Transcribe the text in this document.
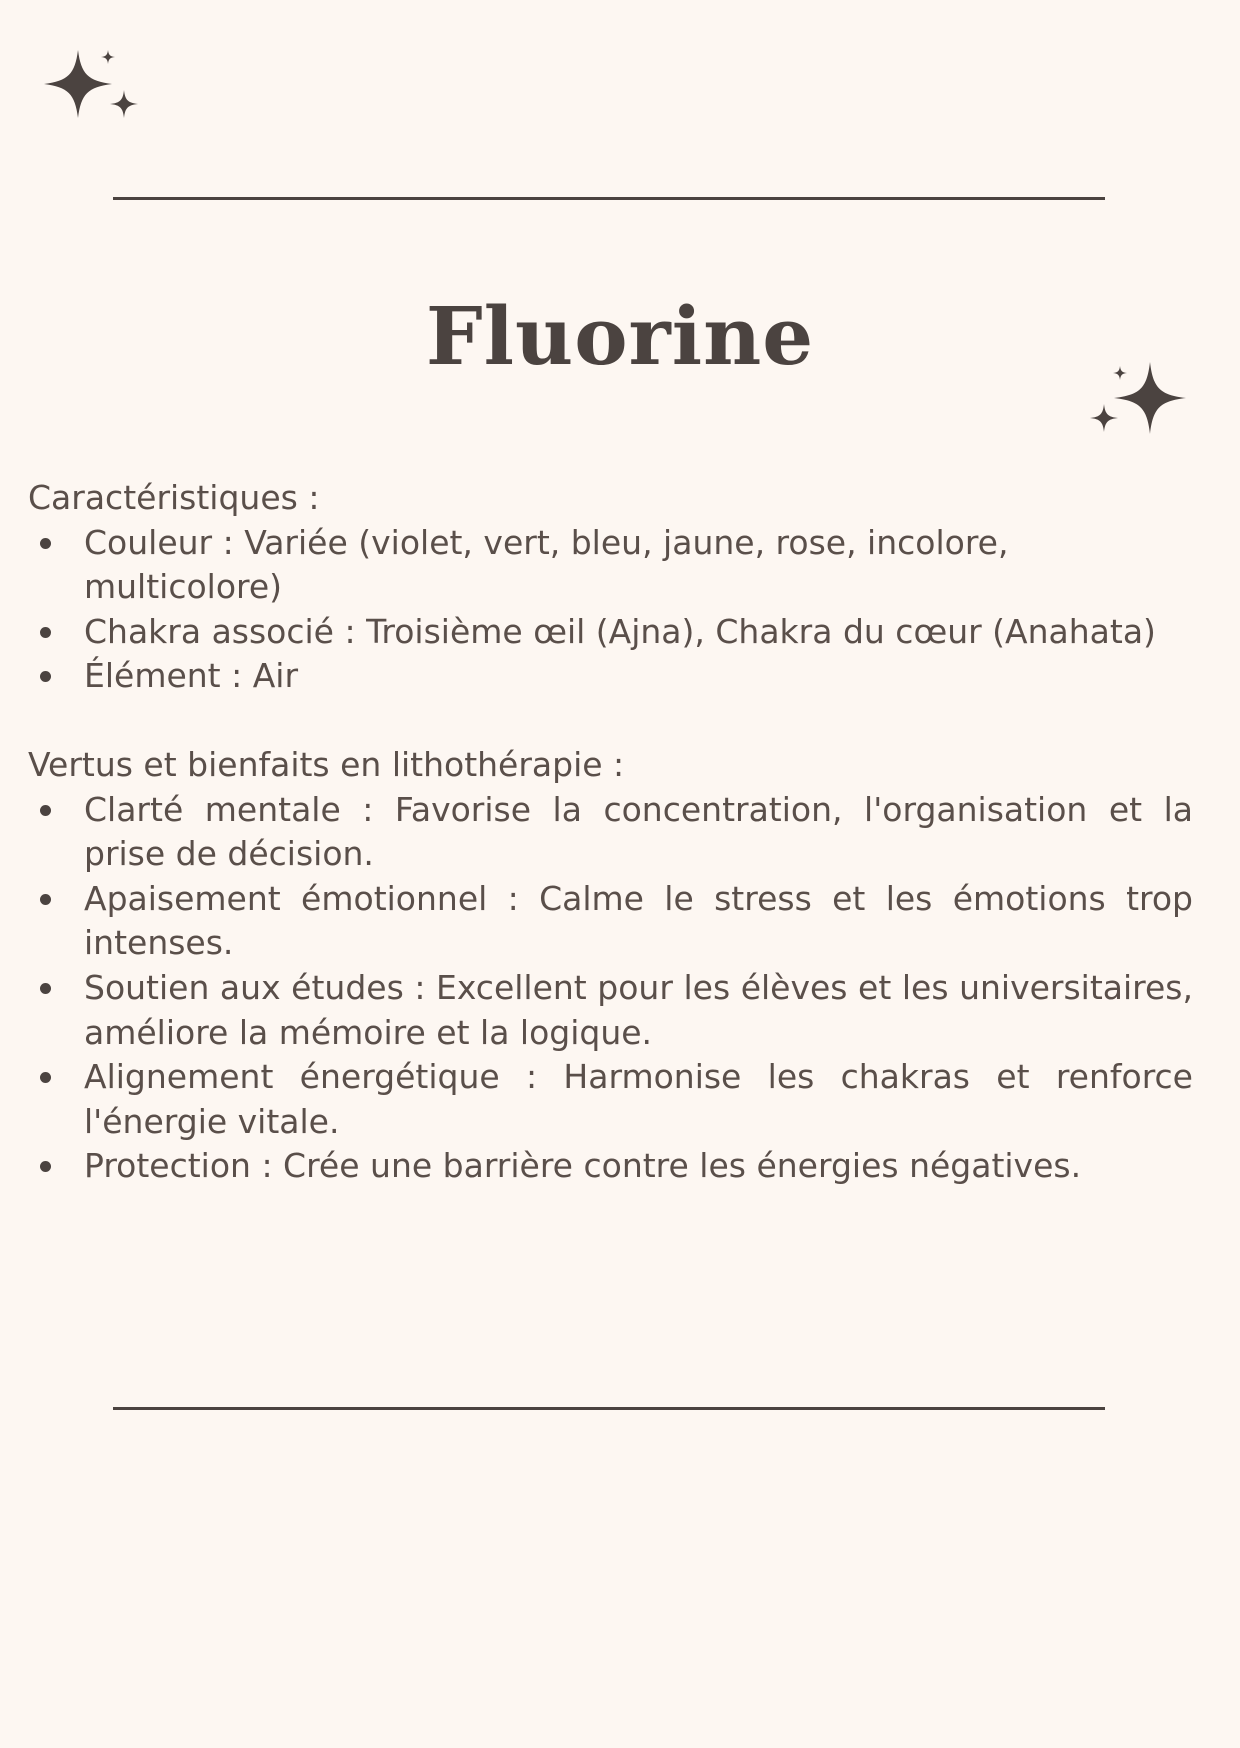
Fluorine

Caractéristiques :

Couleur : Variée (violet, vert, bleu, jaune, rose, incolore, multicolore)
Chakra associé : Troisième œil (Ajna), Chakra du cœur (Anahata)
Élément : Air

Vertus et bienfaits en lithothérapie :

Clarté mentale : Favorise la concentration, l'organisation et la prise de décision.
Apaisement émotionnel : Calme le stress et les émotions trop intenses.
Soutien aux études : Excellent pour les élèves et les universitaires, améliore la mémoire et la logique.
Alignement énergétique : Harmonise les chakras et renforce l'énergie vitale.
Protection : Crée une barrière contre les énergies négatives.
